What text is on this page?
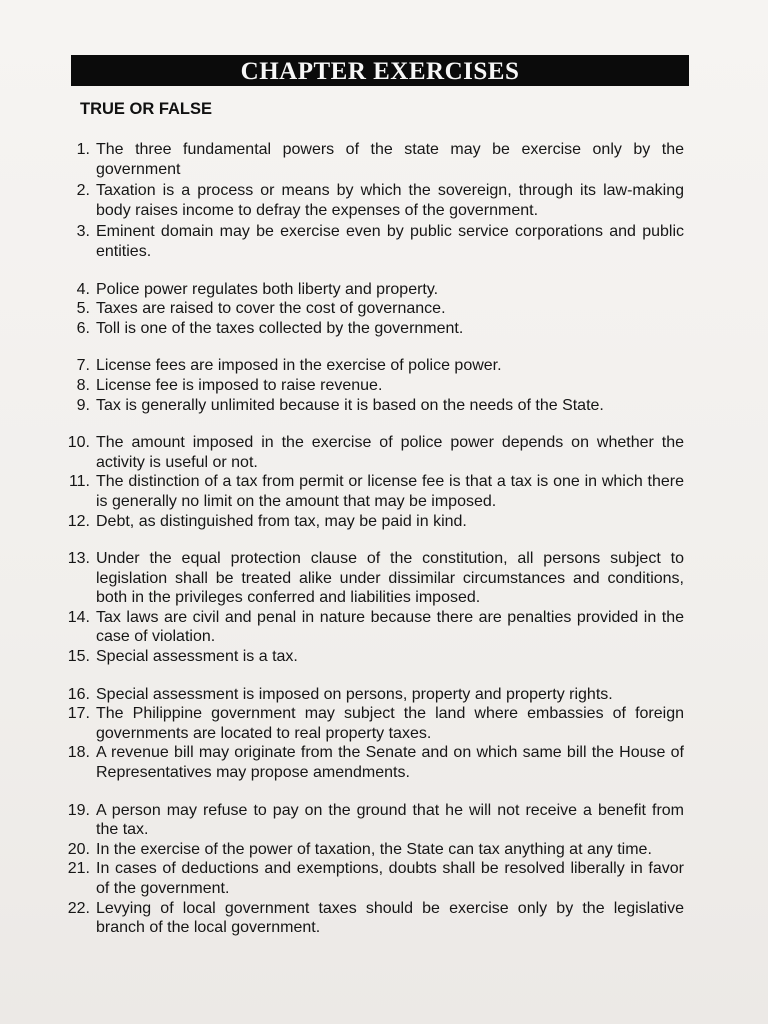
CHAPTER EXERCISES
TRUE OR FALSE
1. The three fundamental powers of the state may be exercise only by the government
2. Taxation is a process or means by which the sovereign, through its law-making body raises income to defray the expenses of the government.
3. Eminent domain may be exercise even by public service corporations and public entities.
4. Police power regulates both liberty and property.
5. Taxes are raised to cover the cost of governance.
6. Toll is one of the taxes collected by the government.
7. License fees are imposed in the exercise of police power.
8. License fee is imposed to raise revenue.
9. Tax is generally unlimited because it is based on the needs of the State.
10. The amount imposed in the exercise of police power depends on whether the activity is useful or not.
11. The distinction of a tax from permit or license fee is that a tax is one in which there is generally no limit on the amount that may be imposed.
12. Debt, as distinguished from tax, may be paid in kind.
13. Under the equal protection clause of the constitution, all persons subject to legislation shall be treated alike under dissimilar circumstances and conditions, both in the privileges conferred and liabilities imposed.
14. Tax laws are civil and penal in nature because there are penalties provided in the case of violation.
15. Special assessment is a tax.
16. Special assessment is imposed on persons, property and property rights.
17. The Philippine government may subject the land where embassies of foreign governments are located to real property taxes.
18. A revenue bill may originate from the Senate and on which same bill the House of Representatives may propose amendments.
19. A person may refuse to pay on the ground that he will not receive a benefit from the tax.
20. In the exercise of the power of taxation, the State can tax anything at any time.
21. In cases of deductions and exemptions, doubts shall be resolved liberally in favor of the government.
22. Levying of local government taxes should be exercise only by the legislative branch of the local government.
